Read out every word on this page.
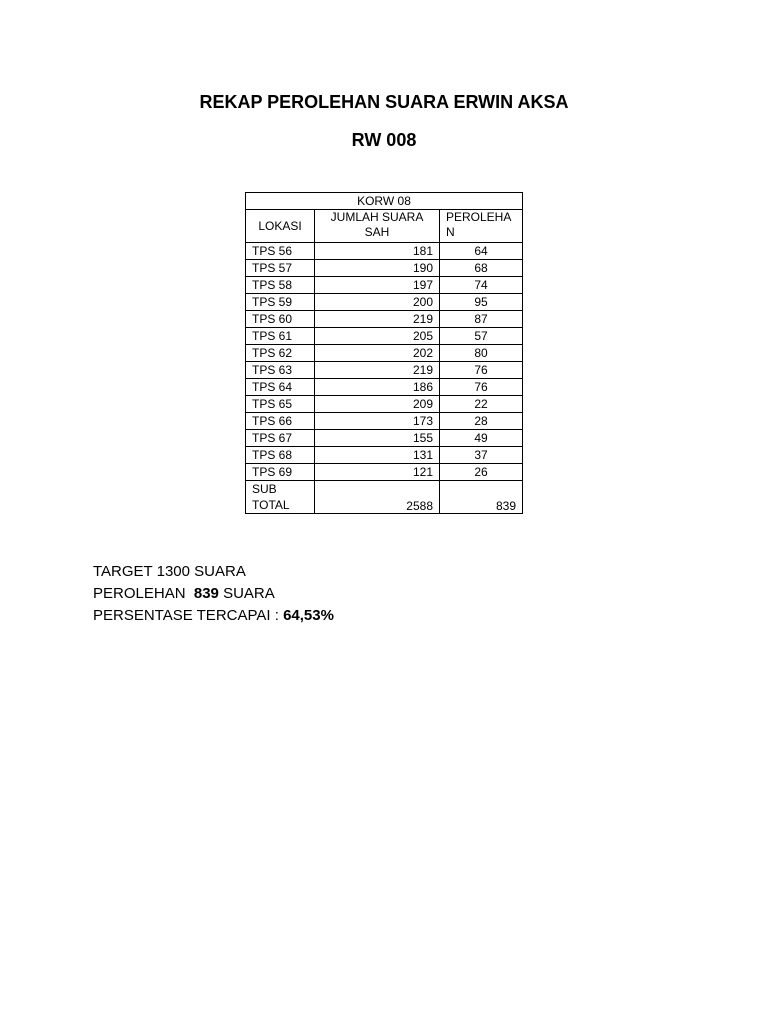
REKAP PEROLEHAN SUARA ERWIN AKSA
RW 008
KORW 08		
LOKASI	JUMLAH SUARA SAH	PEROLEHAN
TPS 56	181	64
TPS 57	190	68
TPS 58	197	74
TPS 59	200	95
TPS 60	219	87
TPS 61	205	57
TPS 62	202	80
TPS 63	219	76
TPS 64	186	76
TPS 65	209	22
TPS 66	173	28
TPS 67	155	49
TPS 68	131	37
TPS 69	121	26
SUB TOTAL	2588	839
TARGET 1300 SUARA
PEROLEHAN 839 SUARA
PERSENTASE TERCAPAI : 64,53%
